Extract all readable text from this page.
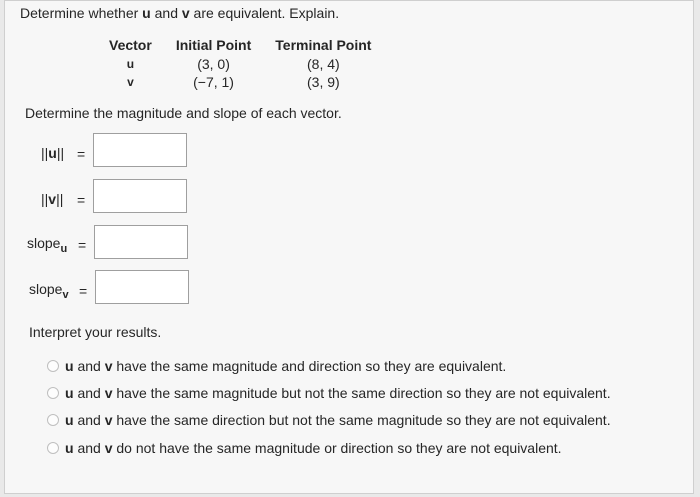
Determine whether u and v are equivalent. Explain.
Vector	Initial Point	Terminal Point
u	(3, 0)	(8, 4)
v	(−7, 1)	(3, 9)
Determine the magnitude and slope of each vector.
||u|| =
||v|| =
slope$_u$ =
slope$_v$ =
Interpret your results.
u and v have the same magnitude and direction so they are equivalent.
u and v have the same magnitude but not the same direction so they are not equivalent.
u and v have the same direction but not the same magnitude so they are not equivalent.
u and v do not have the same magnitude or direction so they are not equivalent.
